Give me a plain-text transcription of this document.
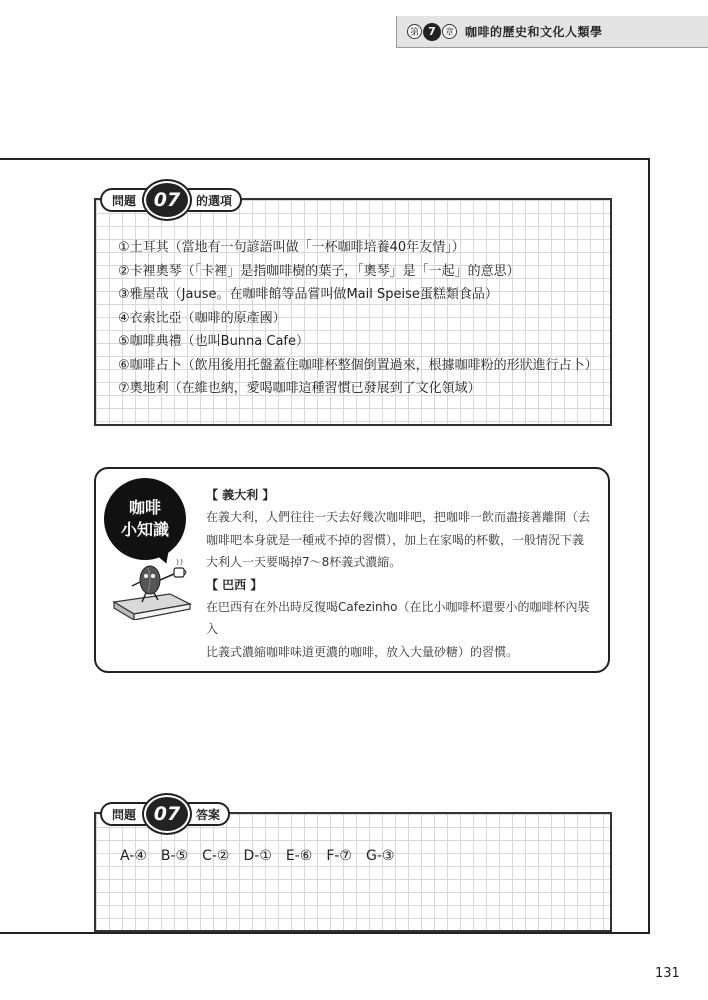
第 7	章 咖啡的歷史和文化人類學
問題 07	的選項
①土耳其（當地有一句諺語叫做「一杯咖啡培養40年友情」）
②卡裡奧琴（「卡裡」是指咖啡樹的葉子，「奧琴」是「一起」的意思）
③雅屋哉（Jause。在咖啡館等品嘗叫做Mail Speise蛋糕類食品）
④衣索比亞（咖啡的原產國）
⑤咖啡典禮（也叫Bunna Cafe）
⑥咖啡占卜（飲用後用托盤蓋住咖啡杯整個倒置過來，根據咖啡粉的形狀進行占卜）
⑦奧地利（在維也納，愛喝咖啡這種習慣已發展到了文化領域）
咖啡
小知識
【 義大利 】

在義大利，人們往往一天去好幾次咖啡吧，把咖啡一飲而盡接著離開（去

咖啡吧本身就是一種戒不掉的習慣），加上在家喝的杯數，一般情況下義

大利人一天要喝掉7～8杯義式濃縮。

【 巴西 】

在巴西有在外出時反復喝Cafezinho（在比小咖啡杯還要小的咖啡杯內裝入

比義式濃縮咖啡味道更濃的咖啡，放入大量砂糖）的習慣。

問題 07	答案
A-④ B-⑤ C-② D-① E-⑥ F-⑦ G-③
131
